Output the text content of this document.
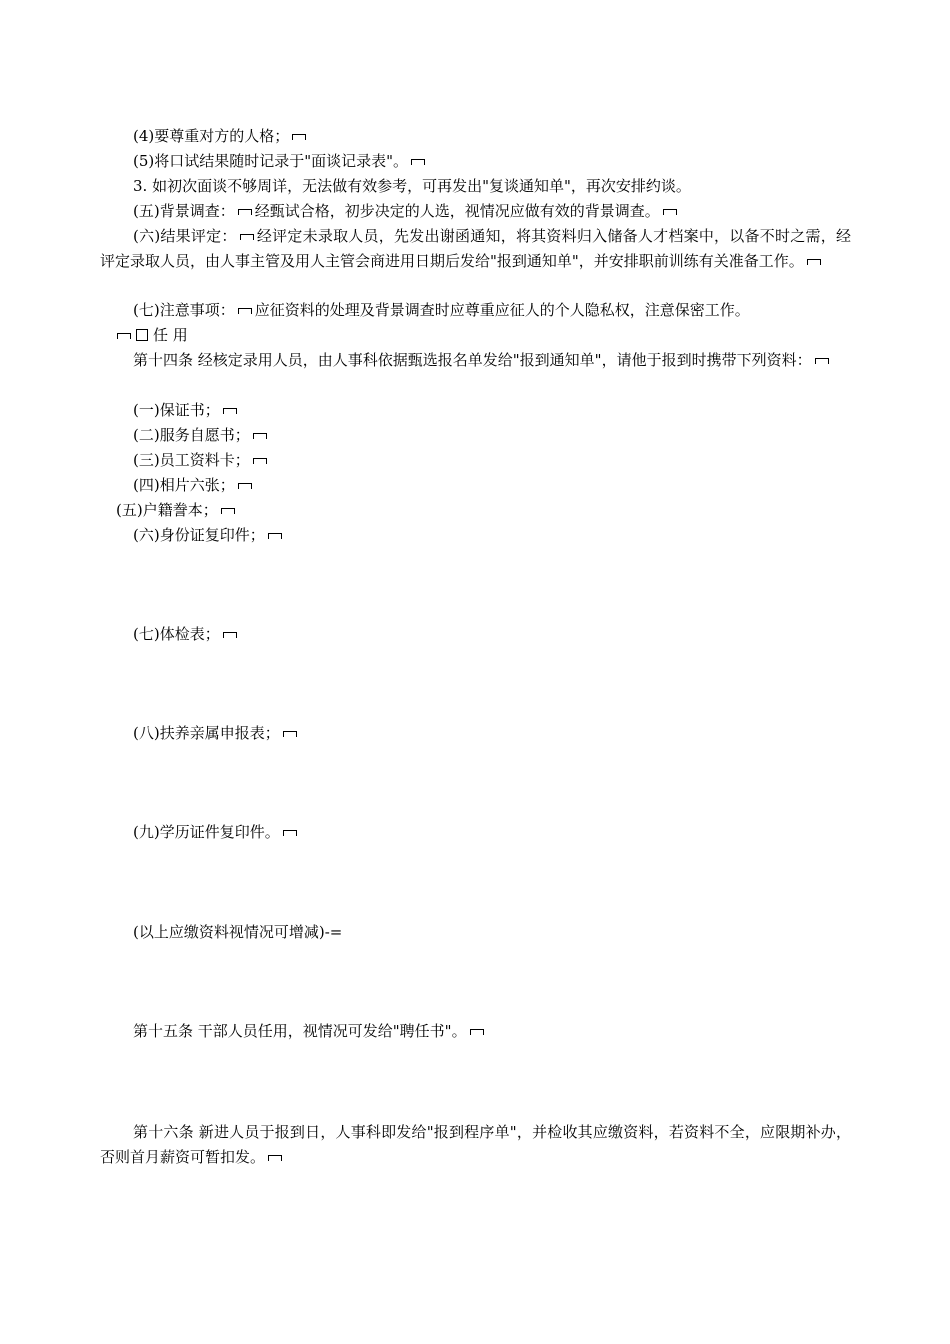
(4)要尊重对方的人格；
(5)将口试结果随时记录于"面谈记录表"。
3. 如初次面谈不够周详，无法做有效参考，可再发出"复谈通知单"，再次安排约谈。
(五)背景调查： 经甄试合格，初步决定的人选，视情况应做有效的背景调查。
(六)结果评定： 经评定未录取人员，先发出谢函通知，将其资料归入储备人才档案中，以备不时之需，经评定录取人员，由人事主管及用人主管会商进用日期后发给"报到通知单"，并安排职前训练有关准备工作。
(七)注意事项： 应征资料的处理及背景调查时应尊重应征人的个人隐私权，注意保密工作。
任 用
第十四条 经核定录用人员，由人事科依据甄选报名单发给"报到通知单"，请他于报到时携带下列资料：
(一)保证书；
(二)服务自愿书；
(三)员工资料卡；
(四)相片六张；
(五)户籍誊本；
(六)身份证复印件；
(七)体检表；
(八)扶养亲属申报表；
(九)学历证件复印件。
(以上应缴资料视情况可增减)-=
第十五条 干部人员任用，视情况可发给"聘任书"。
第十六条 新进人员于报到日，人事科即发给"报到程序单"，并检收其应缴资料，若资料不全，应限期补办，否则首月薪资可暂扣发。
